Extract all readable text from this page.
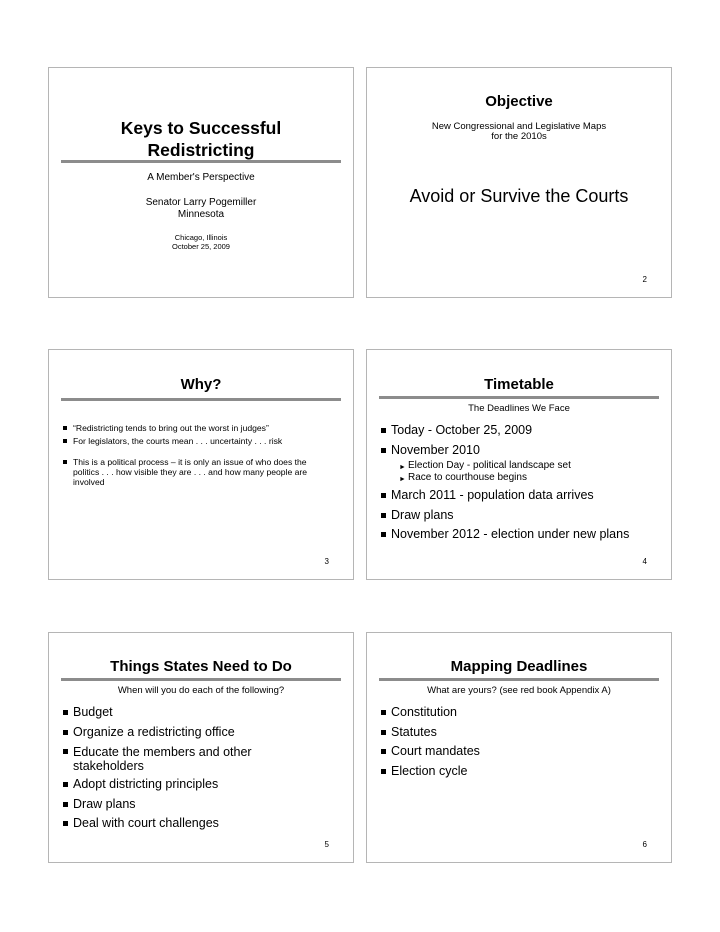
Keys to Successful Redistricting
A Member's Perspective
Senator Larry Pogemiller
Minnesota
Chicago, Illinois
October 25, 2009
Objective
New Congressional and Legislative Maps
for the 2010s
Avoid or Survive the Courts
2
Why?
“Redistricting tends to bring out the worst in judges”
For legislators, the courts mean . . . uncertainty . . . risk
This is a political process – it is only an issue of who does the politics . . . how visible they are . . . and how many people are involved
3
Timetable
The Deadlines We Face
Today - October 25, 2009
November 2010
► Election Day - political landscape set
► Race to courthouse begins
March 2011 - population data arrives
Draw plans
November 2012 - election under new plans
4
Things States Need to Do
When will you do each of the following?
Budget
Organize a redistricting office
Educate the members and other stakeholders
Adopt districting principles
Draw plans
Deal with court challenges
5
Mapping Deadlines
What are yours? (see red book Appendix A)
Constitution
Statutes
Court mandates
Election cycle
6
